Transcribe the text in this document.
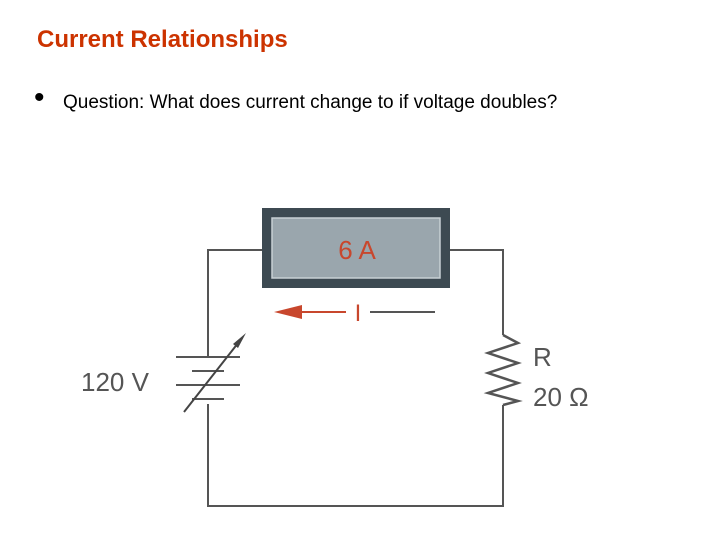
Current Relationships
• Question: What does current change to if voltage doubles?
6 A
I
120 V
R
20 Ω
